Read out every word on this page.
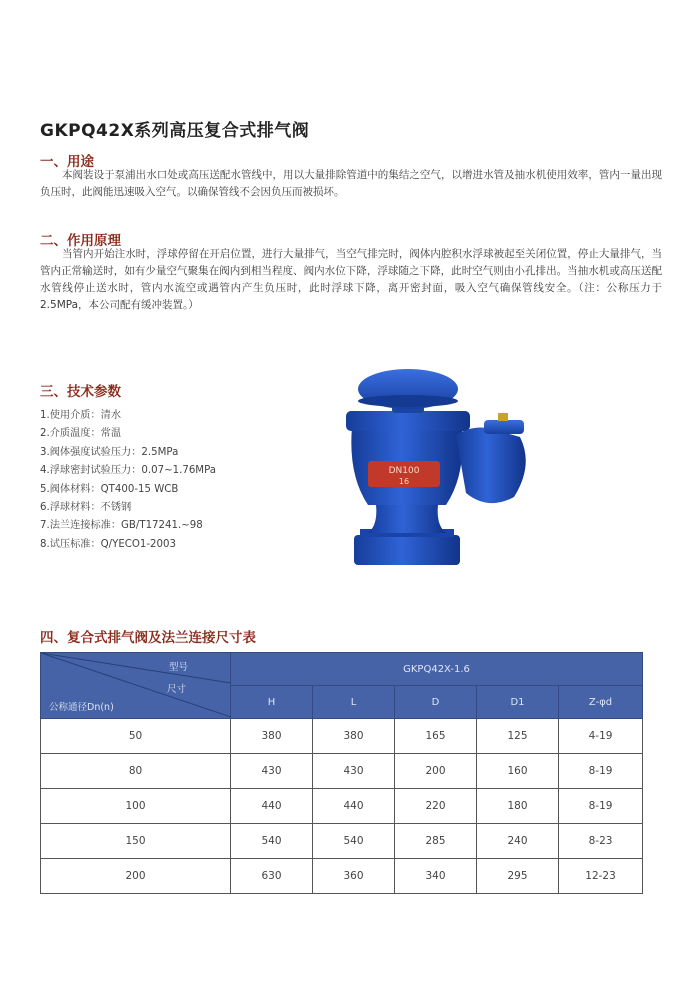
GKPQ42X系列高压复合式排气阀
一、用途
本阀装设于泵浦出水口处或高压送配水管线中，用以大量排除管道中的集结之空气，以增进水管及抽水机使用效率，管内一量出现负压时，此阀能迅速吸入空气。以确保管线不会因负压而被损坏。
二、作用原理
当管内开始注水时，浮球停留在开启位置，进行大量排气，当空气排完时，阀体内腔积水浮球被起至关闭位置，停止大量排气，当管内正常输送时，如有少量空气聚集在阀内到相当程度、阀内水位下降，浮球随之下降，此时空气则由小孔排出。当抽水机或高压送配水管线停止送水时，管内水流空或遇管内产生负压时，此时浮球下降，离开密封面，吸入空气确保管线安全。（注：公称压力于2.5MPa，本公司配有缓冲装置。）
三、技术参数
1.使用介质：清水
2.介质温度：常温
3.阀体强度试验压力：2.5MPa
4.浮球密封试验压力：0.07~1.76MPa
5.阀体材料：QT400-15 WCB
6.浮球材料：不锈钢
7.法兰连接标准：GB/T17241.~98
8.试压标准：Q/YECO1-2003
DN100
16
四、复合式排气阀及法兰连接尺寸表
型号
尺寸
公称通径Dn(n)	GKPQ42X-1.6				
	H	L	D	D1	Z-φd
50	380	380	165	125	4-19
80	430	430	200	160	8-19
100	440	440	220	180	8-19
150	540	540	285	240	8-23
200	630	360	340	295	12-23
